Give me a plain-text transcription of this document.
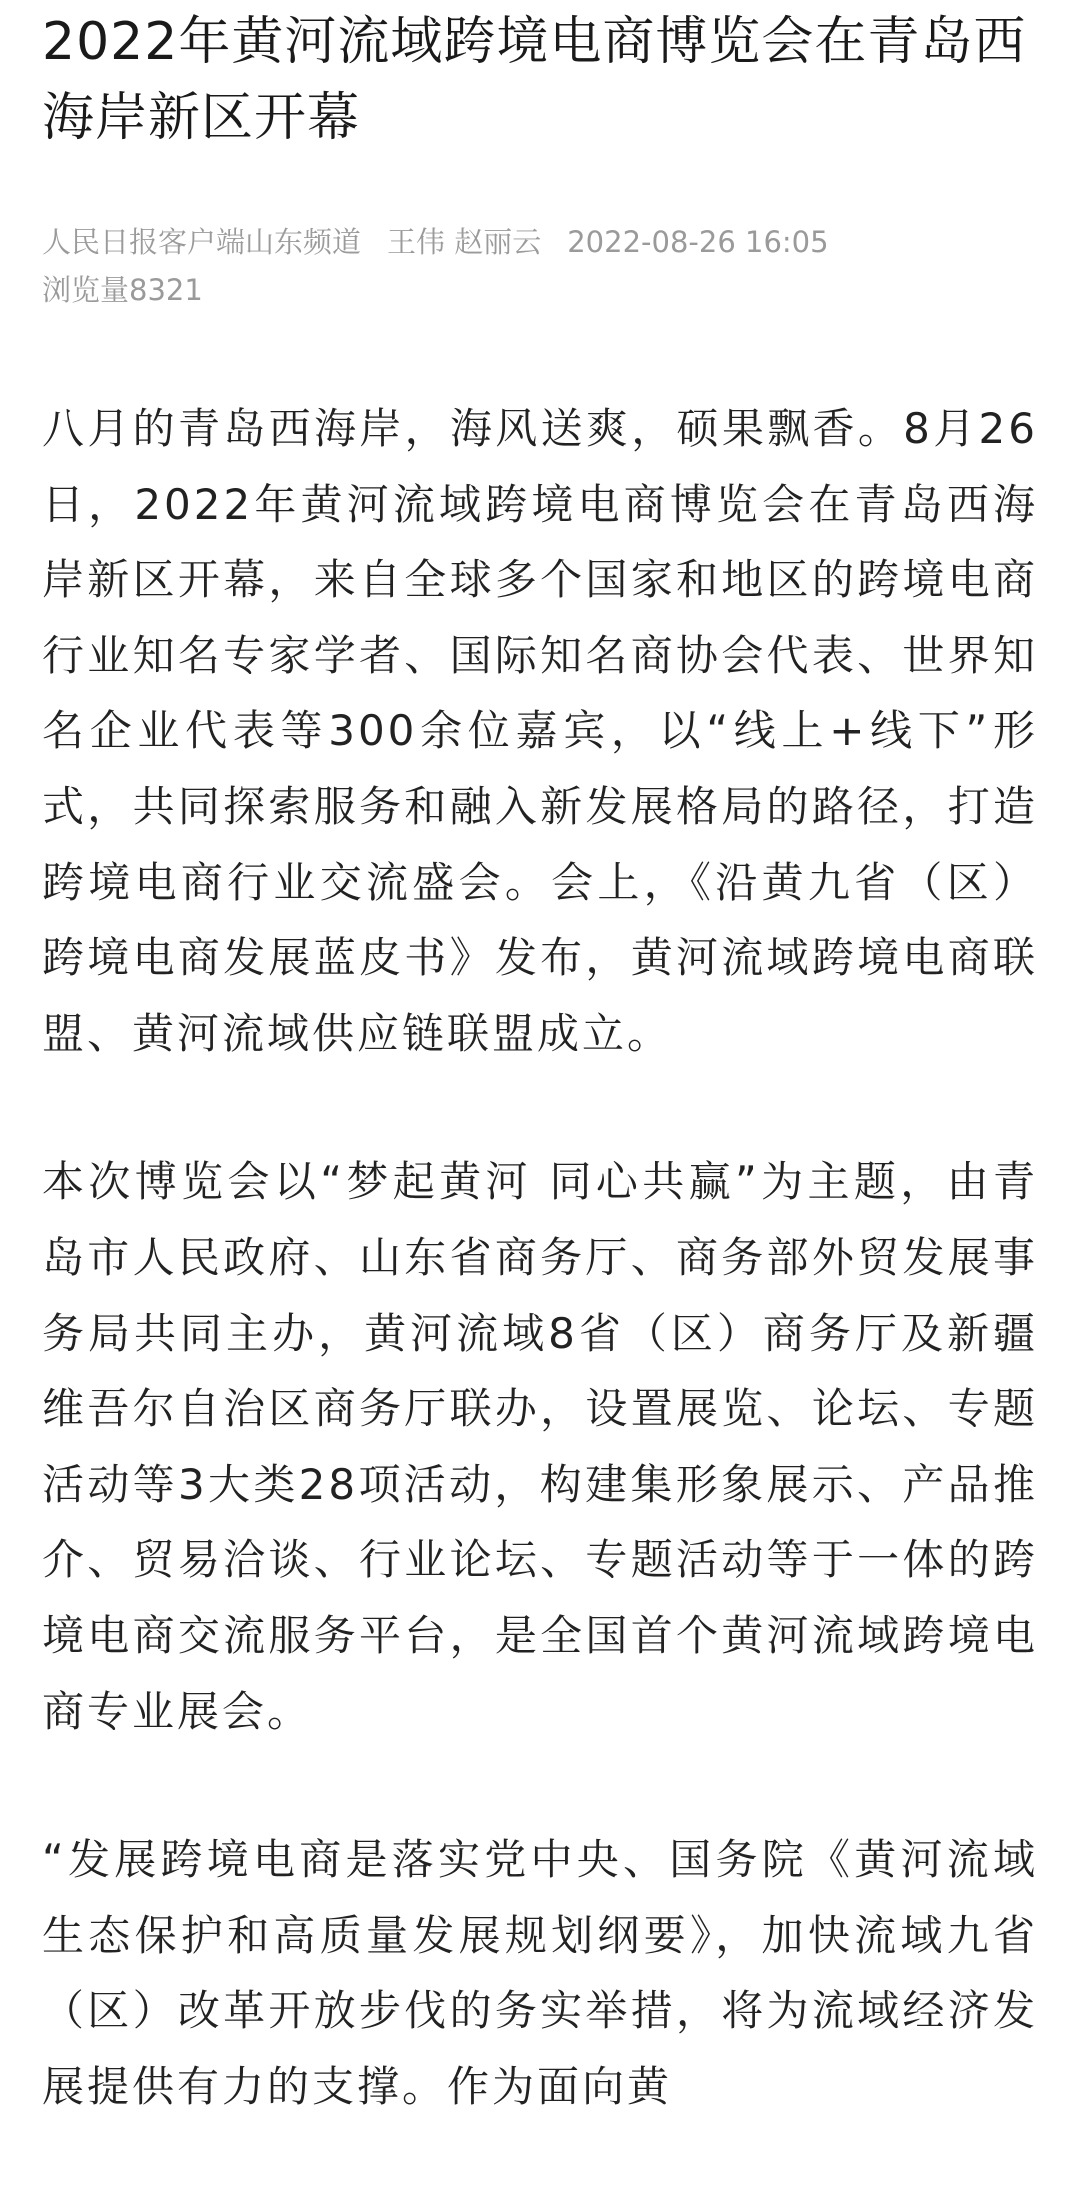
2022年黄河流域跨境电商博览会在青岛西海岸新区开幕
人民日报客户端山东频道 王伟 赵丽云 2022-08-26 16:05
浏览量8321

八月的青岛西海岸，海风送爽，硕果飘香。8月26日，2022年黄河流域跨境电商博览会在青岛西海岸新区开幕，来自全球多个国家和地区的跨境电商行业知名专家学者、国际知名商协会代表、世界知名企业代表等300余位嘉宾，以“线上+线下”形式，共同探索服务和融入新发展格局的路径，打造跨境电商行业交流盛会。会上，《沿黄九省（区）跨境电商发展蓝皮书》发布，黄河流域跨境电商联盟、黄河流域供应链联盟成立。

本次博览会以“梦起黄河 同心共赢”为主题，由青岛市人民政府、山东省商务厅、商务部外贸发展事务局共同主办，黄河流域8省（区）商务厅及新疆维吾尔自治区商务厅联办，设置展览、论坛、专题活动等3大类28项活动，构建集形象展示、产品推介、贸易洽谈、行业论坛、专题活动等于一体的跨境电商交流服务平台，是全国首个黄河流域跨境电商专业展会。

“发展跨境电商是落实党中央、国务院《黄河流域生态保护和高质量发展规划纲要》，加快流域九省（区）改革开放步伐的务实举措，将为流域经济发展提供有力的支撑。作为面向黄
